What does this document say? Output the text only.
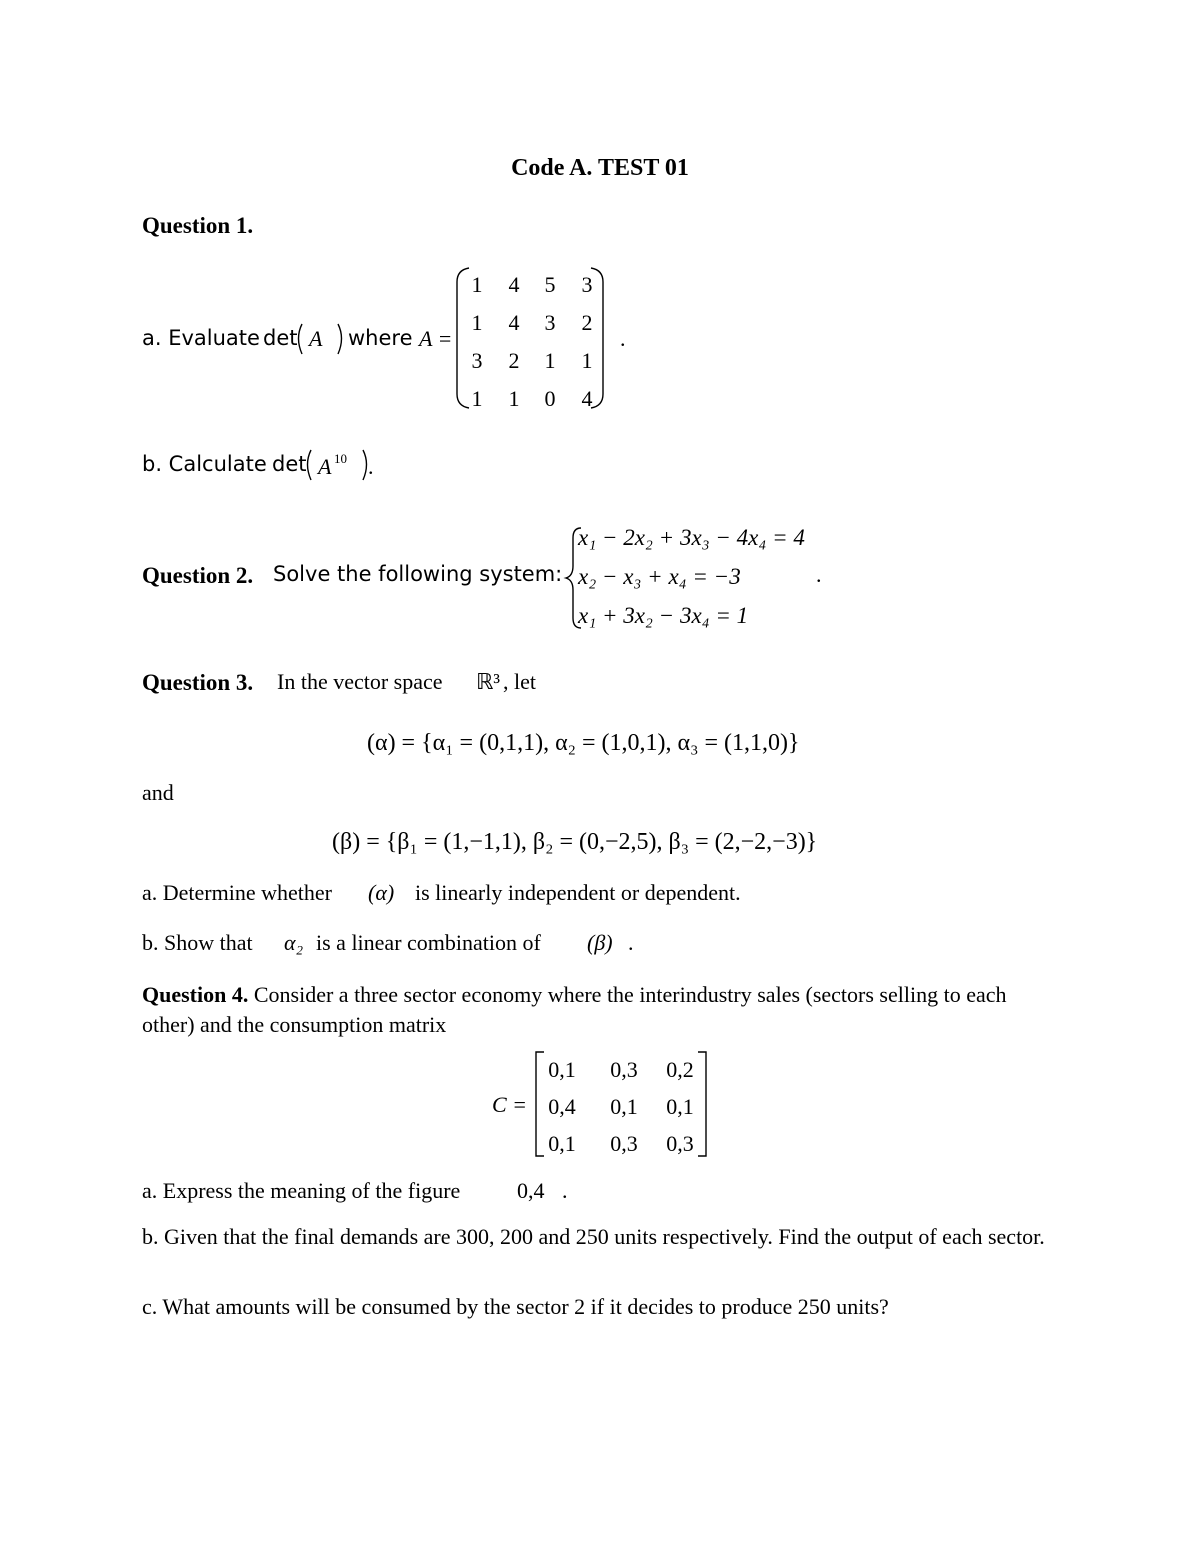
Code A. TEST 01
Question 1.
a. Evaluate det A where A =
1	4	5	3
1	4	3	2
3	2	1	1
1	1	0	4
.
b. Calculate det A 10 .
Question 2. Solve the following system:
x₁ − 2x₂ + 3x₃ − 4x₄ = 4
x₂ − x₃ + x₄ = −3
x₁ + 3x₂ − 3x₄ = 1
.
Question 3. In the vector space ℝ³ , let
(α) = {α₁ = (0,1,1), α₂ = (1,0,1), α₃ = (1,1,0)}
and
(β) = {β₁ = (1,−1,1), β₂ = (0,−2,5), β₃ = (2,−2,−3)}
a. Determine whether (α) is linearly independent or dependent.
b. Show that α₂ is a linear combination of (β) .
Question 4. Consider a three sector economy where the interindustry sales (sectors selling to each other) and the consumption matrix
C =
0,1	0,3	0,2
0,4	0,1	0,1
0,1	0,3	0,3
a. Express the meaning of the figure	0,4 .
b. Given that the final demands are 300, 200 and 250 units respectively. Find the output of each sector.
c. What amounts will be consumed by the sector 2 if it decides to produce 250 units?
